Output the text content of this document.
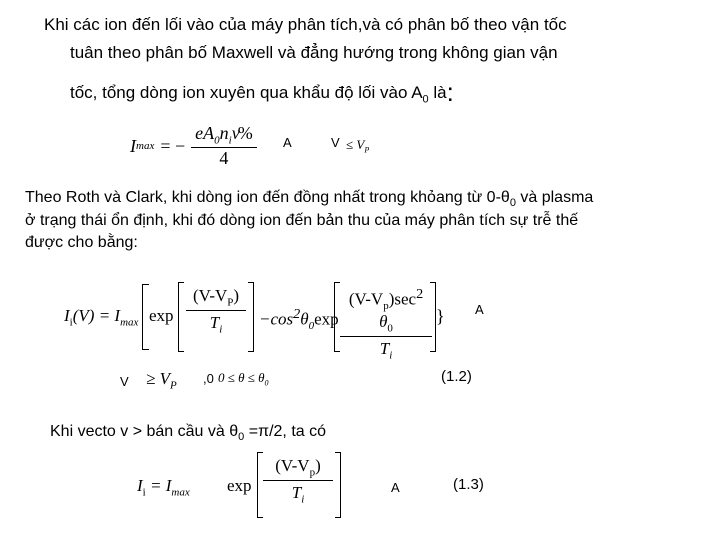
Khi các ion đến lối vào của máy phân tích,và có phân bố theo vận tốc
tuân theo phân bố Maxwell và đẳng hướng trong không gian vận
tốc, tổng dòng ion xuyên qua khẩu độ lối vào $A_0$ là:
I max = − $\frac{eA_0n_iv\%}{4}$ A	$V \le V_P$
Theo Roth và Clark, khi dòng ion đến đồng nhất trong khỏang từ $0-\theta_0$ và plasma
ở trạng thái ổn định, khi đó dòng ion đến bản thu của máy phân tích sự trễ thế
được cho bằng:
$I_i(V) = I_{max}$ $\exp \frac{(V-V_P)}{T_i} -\cos^2\theta_0\exp$
$(V-V_p)\sec^2$ $\theta_0$
$T_i$
} A
$V \ge V_P$ ,0 $0 \le \theta \le \theta_0$	(1.2)
Khi vecto v > bán cầu và $\theta_0 =\pi/2$, ta có
$I_i = I_{max}$ $\exp \frac{(V-V_p)}{T_i}$	A	(1.3)
